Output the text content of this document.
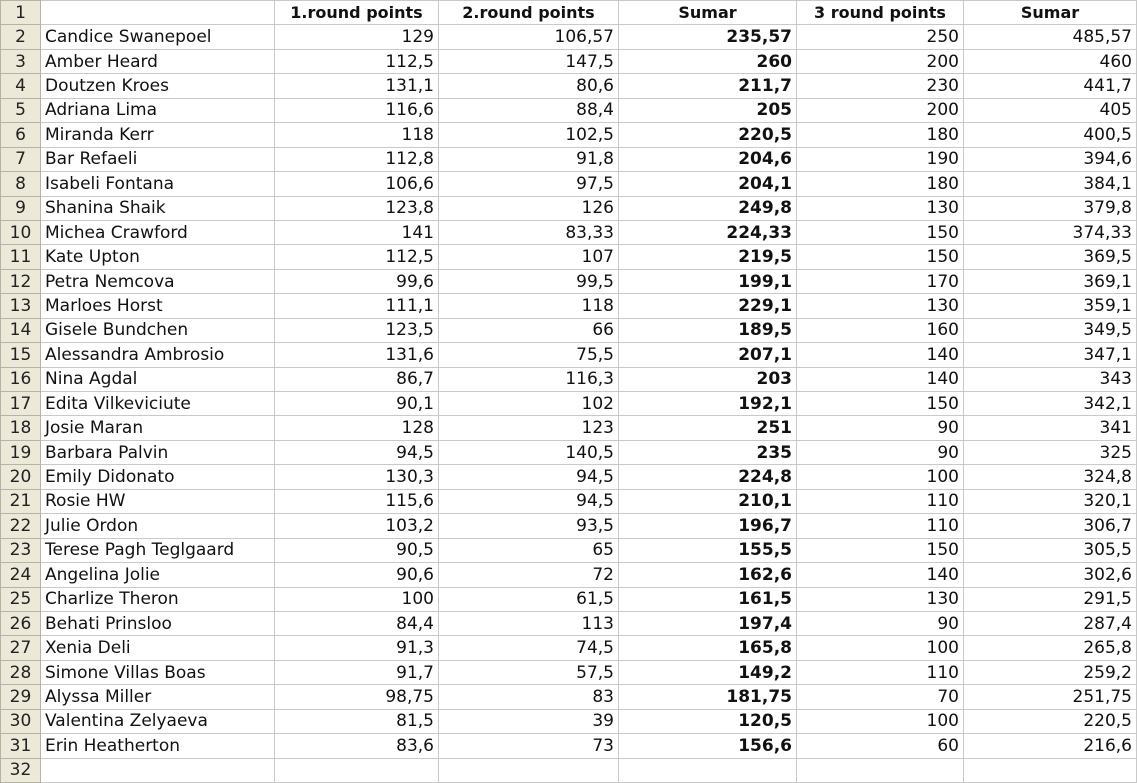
1		1.round points	2.round points	Sumar	3 round points	Sumar
2	Candice Swanepoel	129	106,57	235,57	250	485,57
3	Amber Heard	112,5	147,5	260	200	460
4	Doutzen Kroes	131,1	80,6	211,7	230	441,7
5	Adriana Lima	116,6	88,4	205	200	405
6	Miranda Kerr	118	102,5	220,5	180	400,5
7	Bar Refaeli	112,8	91,8	204,6	190	394,6
8	Isabeli Fontana	106,6	97,5	204,1	180	384,1
9	Shanina Shaik	123,8	126	249,8	130	379,8
10	Michea Crawford	141	83,33	224,33	150	374,33
11	Kate Upton	112,5	107	219,5	150	369,5
12	Petra Nemcova	99,6	99,5	199,1	170	369,1
13	Marloes Horst	111,1	118	229,1	130	359,1
14	Gisele Bundchen	123,5	66	189,5	160	349,5
15	Alessandra Ambrosio	131,6	75,5	207,1	140	347,1
16	Nina Agdal	86,7	116,3	203	140	343
17	Edita Vilkeviciute	90,1	102	192,1	150	342,1
18	Josie Maran	128	123	251	90	341
19	Barbara Palvin	94,5	140,5	235	90	325
20	Emily Didonato	130,3	94,5	224,8	100	324,8
21	Rosie HW	115,6	94,5	210,1	110	320,1
22	Julie Ordon	103,2	93,5	196,7	110	306,7
23	Terese Pagh Teglgaard	90,5	65	155,5	150	305,5
24	Angelina Jolie	90,6	72	162,6	140	302,6
25	Charlize Theron	100	61,5	161,5	130	291,5
26	Behati Prinsloo	84,4	113	197,4	90	287,4
27	Xenia Deli	91,3	74,5	165,8	100	265,8
28	Simone Villas Boas	91,7	57,5	149,2	110	259,2
29	Alyssa Miller	98,75	83	181,75	70	251,75
30	Valentina Zelyaeva	81,5	39	120,5	100	220,5
31	Erin Heatherton	83,6	73	156,6	60	216,6
32						
